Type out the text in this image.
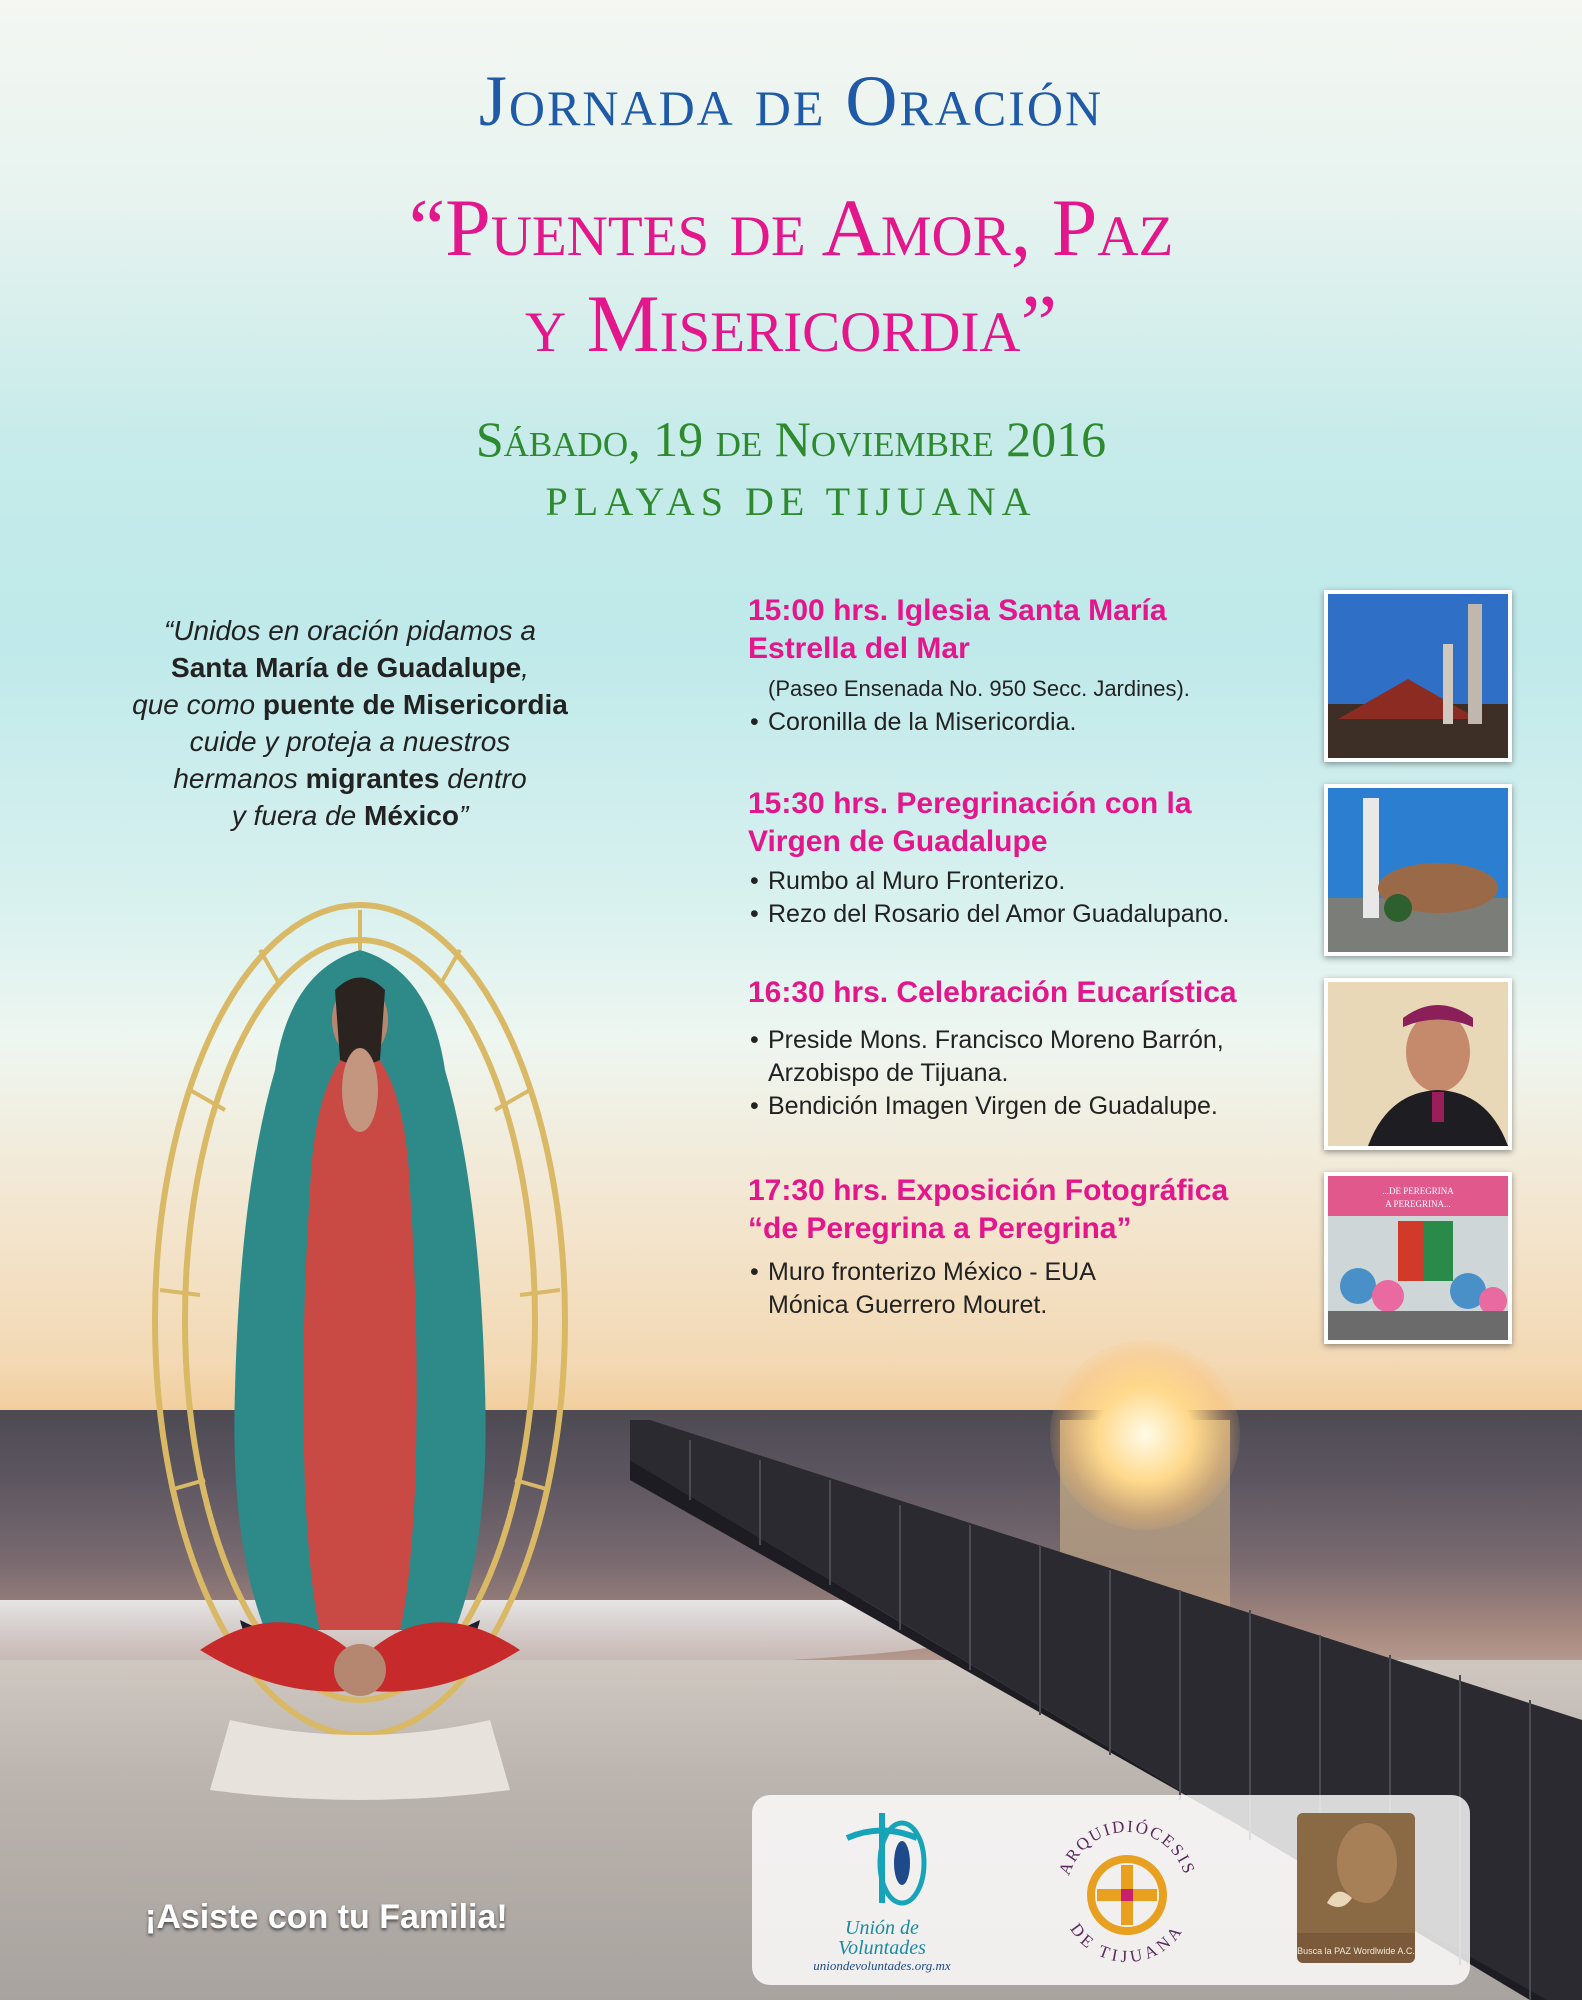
Jornada de Oración
“Puentes de Amor, Paz
y Misericordia”
Sábado, 19 de Noviembre 2016
PLAYAS DE TIJUANA
“Unidos en oración pidamos a
Santa María de Guadalupe,
que como puente de Misericordia
cuide y proteja a nuestros
hermanos migrantes dentro
y fuera de México”
15:00 hrs. Iglesia Santa María
Estrella del Mar
(Paseo Ensenada No. 950 Secc. Jardines).
• Coronilla de la Misericordia.
15:30 hrs. Peregrinación con la
Virgen de Guadalupe
• Rumbo al Muro Fronterizo.
• Rezo del Rosario del Amor Guadalupano.
16:30 hrs. Celebración Eucarística
• Preside Mons. Francisco Moreno Barrón,
Arzobispo de Tijuana.
• Bendición Imagen Virgen de Guadalupe.
17:30 hrs. Exposición Fotográfica
“de Peregrina a Peregrina”
• Muro fronterizo México - EUA
Mónica Guerrero Mouret.
...DE PEREGRINA
A PEREGRINA...
¡Asiste con tu Familia!	Unión de
Voluntades
uniondevoluntades.org.mx
ARQUIDIÓCESIS
DE TIJUANA
Busca la PAZ Wordlwide A.C.
